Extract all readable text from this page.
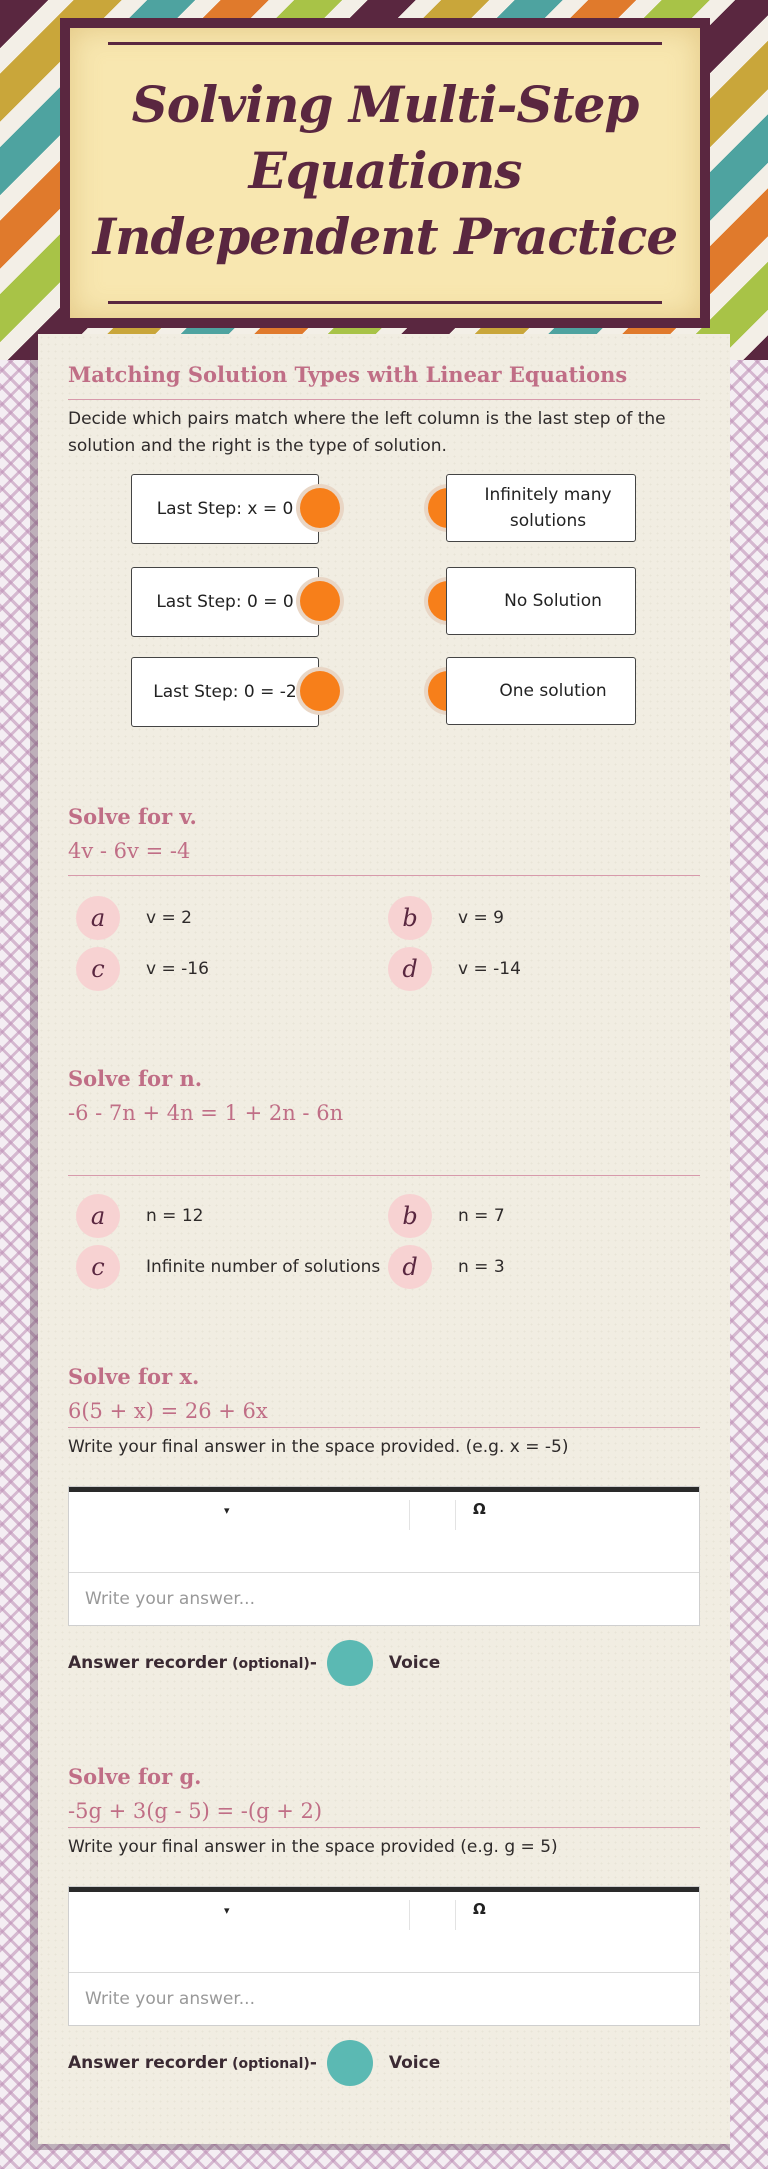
Solving Multi-Step
Equations
Independent Practice
Matching Solution Types with Linear Equations
Decide which pairs match where the left column is the last step of the solution and the right is the type of solution.
Last Step: x = 0
Last Step: 0 = 0
Last Step: 0 = -2
Infinitely many solutions
No Solution
One solution
Solve for v.
4v - 6v = -4
a	v = 2	b	v = 9
c	v = -16	d	v = -14
Solve for n.
-6 - 7n + 4n = 1 + 2n - 6n
a	n = 12	b	n = 7
c	Infinite number of solutions d	n = 3
Solve for x.
6(5 + x) = 26 + 6x
Write your final answer in the space provided. (e.g. x = -5)
▾	Ω
Write your answer...
Answer recorder (optional) -	Voice
Solve for g.
-5g + 3(g - 5) = -(g + 2)
Write your final answer in the space provided (e.g. g = 5)
▾	Ω
Write your answer...
Answer recorder (optional) -	Voice
